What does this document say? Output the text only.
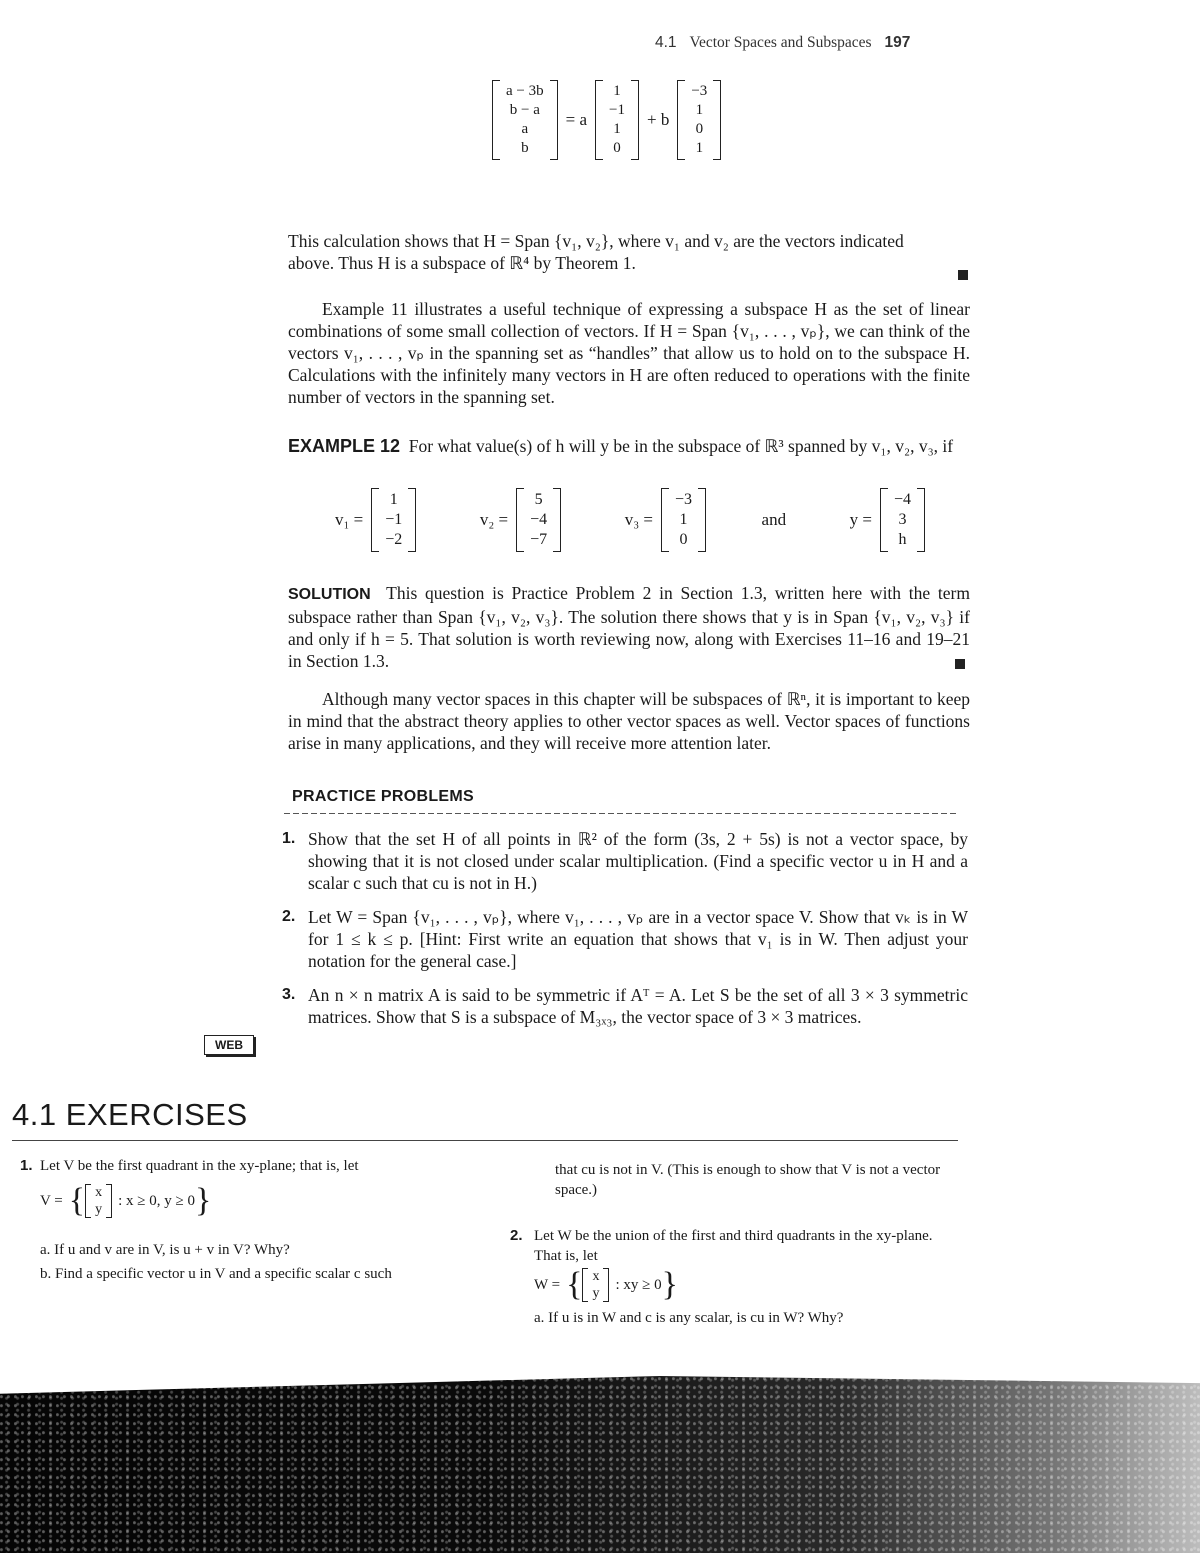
4.1 Vector Spaces and Subspaces 197
a − 3b
b − a
a
b
= a
1
−1
1
0
+ b
−3
1
0
1

This calculation shows that H = Span {v₁, v₂}, where v₁ and v₂ are the vectors indicated

above. Thus H is a subspace of ℝ⁴ by Theorem 1.

Example 11 illustrates a useful technique of expressing a subspace H as the set of linear combinations of some small collection of vectors. If H = Span {v₁, . . . , vₚ}, we can think of the vectors v₁, . . . , vₚ in the spanning set as “handles” that allow us to hold on to the subspace H. Calculations with the infinitely many vectors in H are often reduced to operations with the finite number of vectors in the spanning set.
EXAMPLE 12 For what value(s) of h will y be in the subspace of ℝ³ spanned by v₁, v₂, v₃, if
v₁ =
1
−1
−2
v₂ =
5
−4
−7
v₃ =
−3
1
0
and	y =
−4
3
h
SOLUTION This question is Practice Problem 2 in Section 1.3, written here with the term subspace rather than Span {v₁, v₂, v₃}. The solution there shows that y is in Span {v₁, v₂, v₃} if and only if h = 5. That solution is worth reviewing now, along with Exercises 11–16 and 19–21 in Section 1.3.
Although many vector spaces in this chapter will be subspaces of ℝⁿ, it is important to keep in mind that the abstract theory applies to other vector spaces as well. Vector spaces of functions arise in many applications, and they will receive more attention later.
PRACTICE PROBLEMS
1. Show that the set H of all points in ℝ² of the form (3s, 2 + 5s) is not a vector space, by showing that it is not closed under scalar multiplication. (Find a specific vector u in H and a scalar c such that cu is not in H.)
2. Let W = Span {v₁, . . . , vₚ}, where v₁, . . . , vₚ are in a vector space V. Show that vₖ is in W for 1 ≤ k ≤ p. [Hint: First write an equation that shows that v₁ is in W. Then adjust your notation for the general case.]
3. An n × n matrix A is said to be symmetric if Aᵀ = A. Let S be the set of all 3 × 3 symmetric matrices. Show that S is a subspace of M₃ₓ₃, the vector space of 3 × 3 matrices.
WEB
4.1 EXERCISES
1. Let V be the first quadrant in the xy-plane; that is, let
V = { x
y
: x ≥ 0, y ≥ 0 }
a. If u and v are in V, is u + v in V? Why?
b. Find a specific vector u in V and a specific scalar c such
that cu is not in V. (This is enough to show that V is not a vector space.)
2. Let W be the union of the first and third quadrants in the xy-plane. That is, let
W = { x
y
: xy ≥ 0 }
a. If u is in W and c is any scalar, is cu in W? Why?
